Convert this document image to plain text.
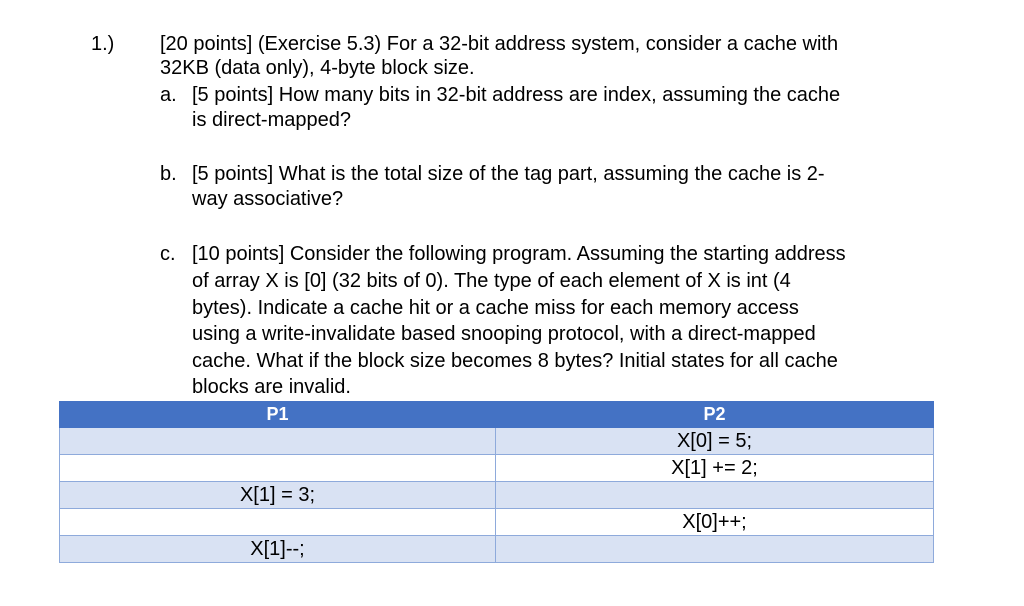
1.) [20 points] (Exercise 5.3) For a 32-bit address system, consider a cache with
32KB (data only), 4-byte block size.
a. [5 points] How many bits in 32-bit address are index, assuming the cache
is direct-mapped?
b. [5 points] What is the total size of the tag part, assuming the cache is 2-
way associative?
c. [10 points] Consider the following program. Assuming the starting address
of array X is [0] (32 bits of 0). The type of each element of X is int (4
bytes). Indicate a cache hit or a cache miss for each memory access
using a write-invalidate based snooping protocol, with a direct-mapped
cache. What if the block size becomes 8 bytes? Initial states for all cache
blocks are invalid.
P1	P2
	X[0] = 5;
	X[1] += 2;
X[1] = 3;	
	X[0]++;
X[1]--;	
